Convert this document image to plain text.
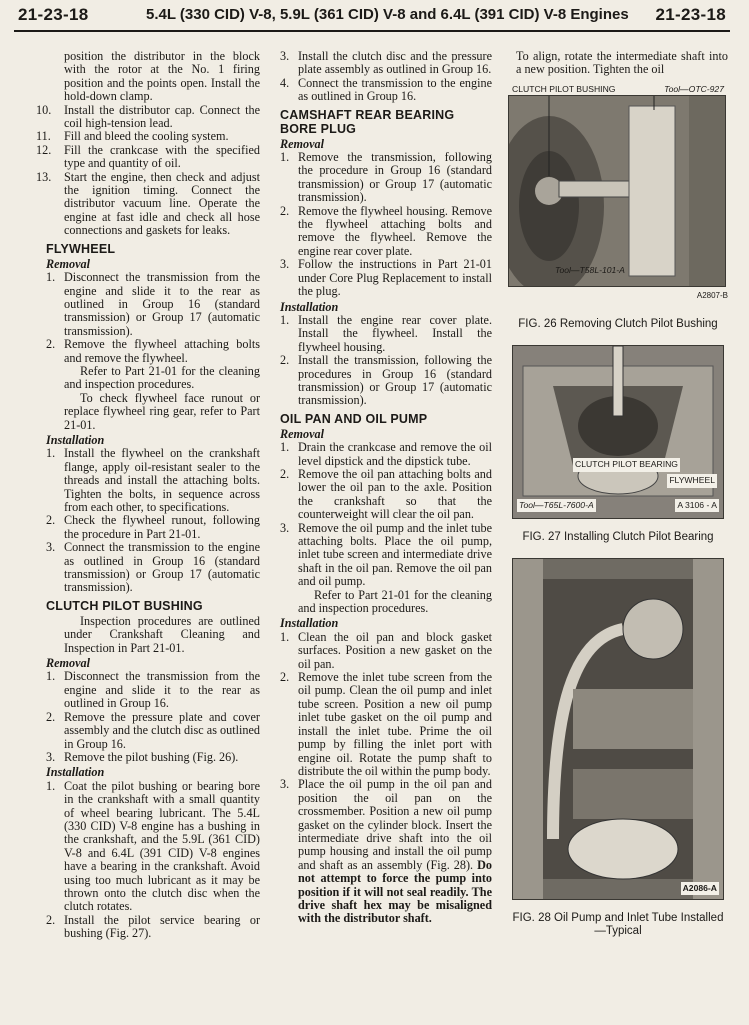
21-23-18	5.4L (330 CID) V-8, 5.9L (361 CID) V-8 and 6.4L (391 CID) V-8 Engines 21-23-18

position the distributor in the block with the rotor at the No. 1 firing position and the points open. Install the hold-down clamp.

10. Install the distributor cap. Connect the coil high-tension lead.
11. Fill and bleed the cooling system.
12. Fill the crankcase with the specified type and quantity of oil.
13. Start the engine, then check and adjust the ignition timing. Connect the distributor vacuum line. Operate the engine at fast idle and check all hose connections and gaskets for leaks.
FLYWHEEL

Removal

1. Disconnect the transmission from the engine and slide it to the rear as outlined in Group 16 (standard transmission) or Group 17 (automatic transmission).
2. Remove the flywheel attaching bolts and remove the flywheel.

Refer to Part 21-01 for the cleaning and inspection procedures.

To check flywheel face runout or replace flywheel ring gear, refer to Part 21-01.

Installation

1. Install the flywheel on the crankshaft flange, apply oil-resistant sealer to the threads and install the attaching bolts. Tighten the bolts, in sequence across from each other, to specifications.
2. Check the flywheel runout, following the procedure in Part 21-01.
3. Connect the transmission to the engine as outlined in Group 16 (standard transmission) or Group 17 (automatic transmission).
CLUTCH PILOT BUSHING

Inspection procedures are outlined under Crankshaft Cleaning and Inspection in Part 21-01.

Removal

1. Disconnect the transmission from the engine and slide it to the rear as outlined in Group 16.
2. Remove the pressure plate and cover assembly and the clutch disc as outlined in Group 16.
3. Remove the pilot bushing (Fig. 26).

Installation

1. Coat the pilot bushing or bearing bore in the crankshaft with a small quantity of wheel bearing lubricant. The 5.4L (330 CID) V-8 engine has a bushing in the crankshaft, and the 5.9L (361 CID) V-8 and 6.4L (391 CID) V-8 engines have a bearing in the crankshaft. Avoid using too much lubricant as it may be thrown onto the clutch disc when the clutch rotates.
2. Install the pilot service bearing or bushing (Fig. 27).
3. Install the clutch disc and the pressure plate assembly as outlined in Group 16.
4. Connect the transmission to the engine as outlined in Group 16.
CAMSHAFT REAR BEARING BORE PLUG

Removal

1. Remove the transmission, following the procedure in Group 16 (standard transmission) or Group 17 (automatic transmission).
2. Remove the flywheel housing. Remove the flywheel attaching bolts and remove the flywheel. Remove the engine rear cover plate.
3. Follow the instructions in Part 21-01 under Core Plug Replacement to install the plug.

Installation

1. Install the engine rear cover plate. Install the flywheel. Install the flywheel housing.
2. Install the transmission, following the procedures in Group 16 (standard transmission) or Group 17 (automatic transmission).
OIL PAN AND OIL PUMP

Removal

1. Drain the crankcase and remove the oil level dipstick and the dipstick tube.
2. Remove the oil pan attaching bolts and lower the oil pan to the axle. Position the crankshaft so that the counterweight will clear the oil pan.
3. Remove the oil pump and the inlet tube attaching bolts. Place the oil pump, inlet tube screen and intermediate drive shaft in the oil pan. Remove the oil pan and oil pump.

Refer to Part 21-01 for the cleaning and inspection procedures.

Installation

1. Clean the oil pan and block gasket surfaces. Position a new gasket on the oil pan.
2. Remove the inlet tube screen from the oil pump. Clean the oil pump and inlet tube screen. Position a new oil pump inlet tube gasket on the oil pump and install the inlet tube. Prime the oil pump by filling the inlet port with engine oil. Rotate the pump shaft to distribute the oil within the pump body.
3. Place the oil pump in the oil pan and position the oil pan on the crossmember. Position a new oil pump gasket on the cylinder block. Insert the intermediate drive shaft into the oil pump housing and install the oil pump and shaft as an assembly (Fig. 28). Do not attempt to force the pump into position if it will not seal readily. The drive shaft hex may be misaligned with the distributor shaft.

To align, rotate the intermediate shaft into a new position. Tighten the oil

CLUTCH PILOT BUSHING	Tool—OTC-927
Tool—T58L-101-A
A2807-B

FIG. 26 Removing Clutch Pilot Bushing

CLUTCH PILOT BEARING
FLYWHEEL
Tool—T65L-7600-A	A 3106 - A

FIG. 27 Installing Clutch Pilot Bearing

A2086-A

FIG. 28 Oil Pump and Inlet Tube Installed—Typical
